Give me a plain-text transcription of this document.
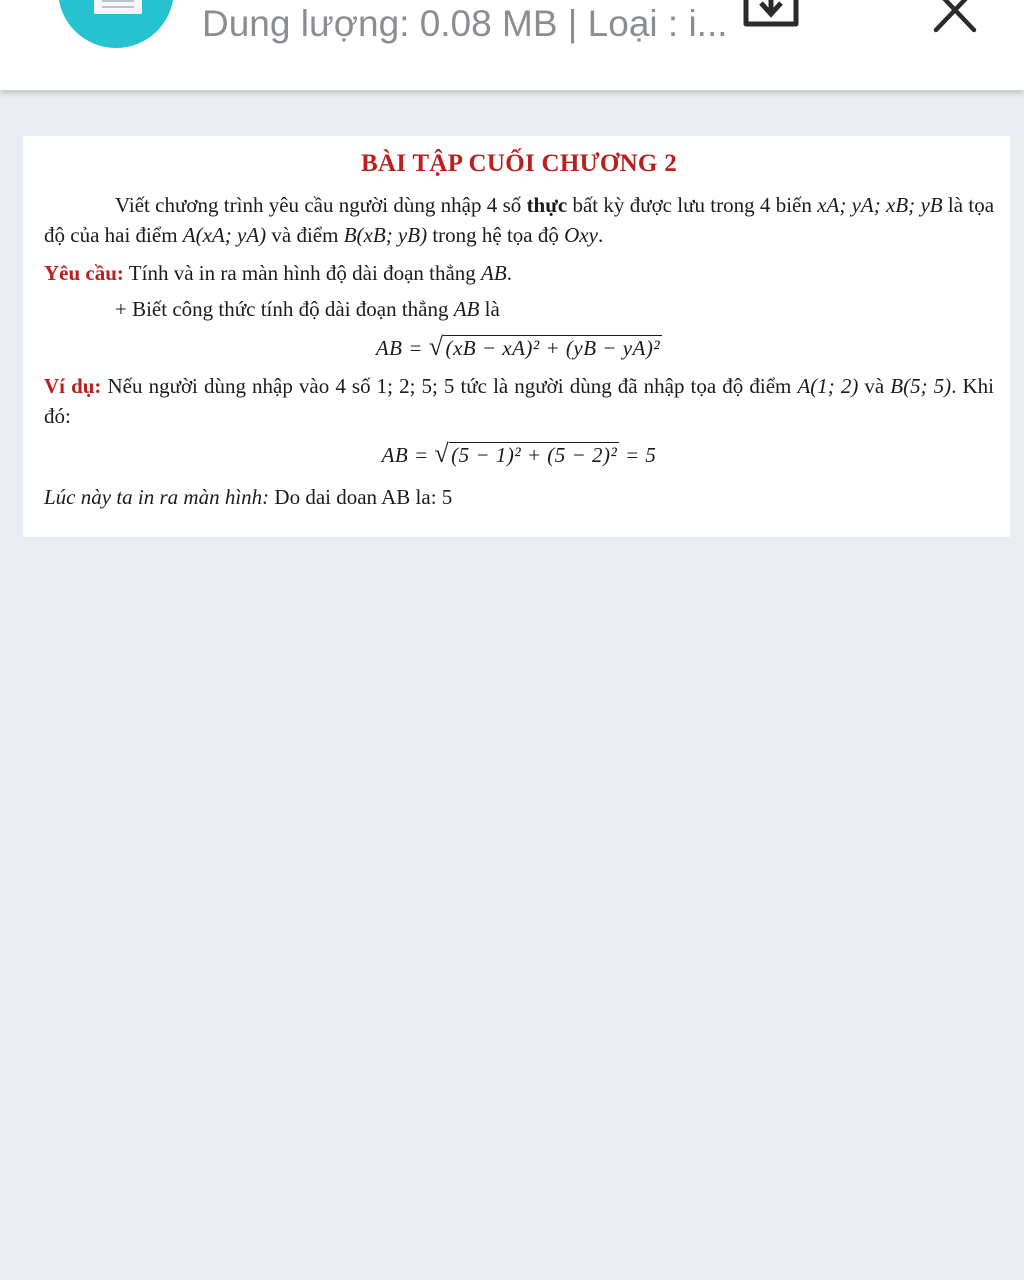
Dung lượng: 0.08 MB | Loại : i...
BÀI TẬP CUỐI CHƯƠNG 2
Viết chương trình yêu cầu người dùng nhập 4 số thực bất kỳ được lưu trong 4 biến xA; yA; xB; yB là tọa độ của hai điểm A(xA; yA) và điểm B(xB; yB) trong hệ tọa độ Oxy.
Yêu cầu: Tính và in ra màn hình độ dài đoạn thẳng AB.
+ Biết công thức tính độ dài đoạn thẳng AB là
AB = √(xB − xA)² + (yB − yA)²
Ví dụ: Nếu người dùng nhập vào 4 số 1; 2; 5; 5 tức là người dùng đã nhập tọa độ điểm A(1; 2) và B(5; 5). Khi đó:
AB = √(5 − 1)² + (5 − 2)² = 5
Lúc này ta in ra màn hình: Do dai doan AB la: 5
